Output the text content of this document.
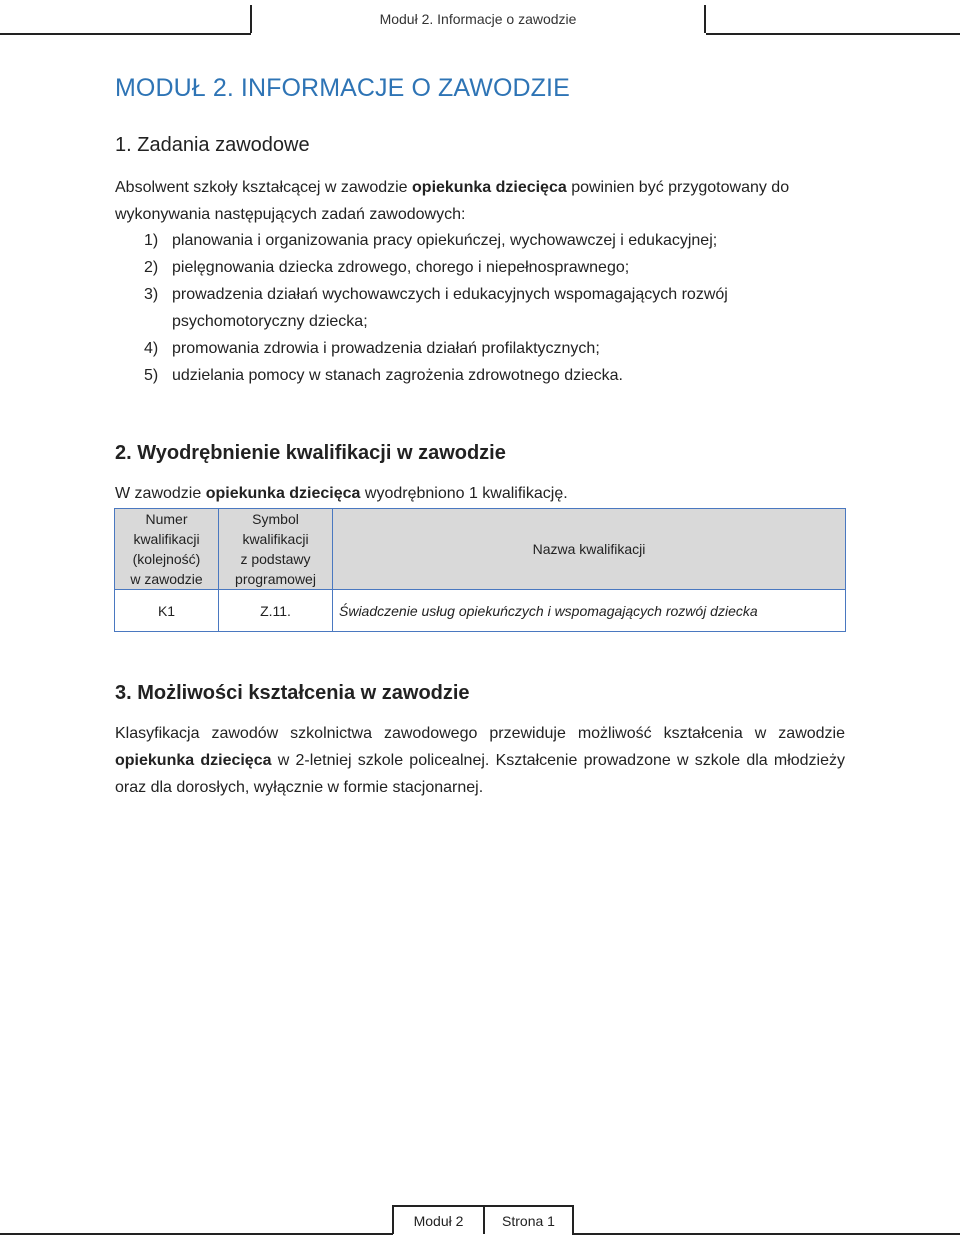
Moduł 2. Informacje o zawodzie
MODUŁ 2. INFORMACJE O ZAWODZIE
1. Zadania zawodowe

Absolwent szkoły kształcącej w zawodzie opiekunka dziecięca powinien być przygotowany do wykonywania następujących zadań zawodowych:

1) planowania i organizowania pracy opiekuńczej, wychowawczej i edukacyjnej;
2) pielęgnowania dziecka zdrowego, chorego i niepełnosprawnego;
3) prowadzenia działań wychowawczych i edukacyjnych wspomagających rozwój psychomotoryczny dziecka;
4) promowania zdrowia i prowadzenia działań profilaktycznych;
5) udzielania pomocy w stanach zagrożenia zdrowotnego dziecka.
2. Wyodrębnienie kwalifikacji w zawodzie

W zawodzie opiekunka dziecięca wyodrębniono 1 kwalifikację.

Numer
kwalifikacji
(kolejność)
w zawodzie	Symbol
kwalifikacji
z podstawy
programowej	Nazwa kwalifikacji
K1	Z.11.	Świadczenie usług opiekuńczych i wspomagających rozwój dziecka
3. Możliwości kształcenia w zawodzie

Klasyfikacja zawodów szkolnictwa zawodowego przewiduje możliwość kształcenia w zawodzie opiekunka dziecięca w 2-letniej szkole policealnej. Kształcenie prowadzone w szkole dla młodzieży oraz dla dorosłych, wyłącznie w formie stacjonarnej.

Moduł 2	Strona 1
